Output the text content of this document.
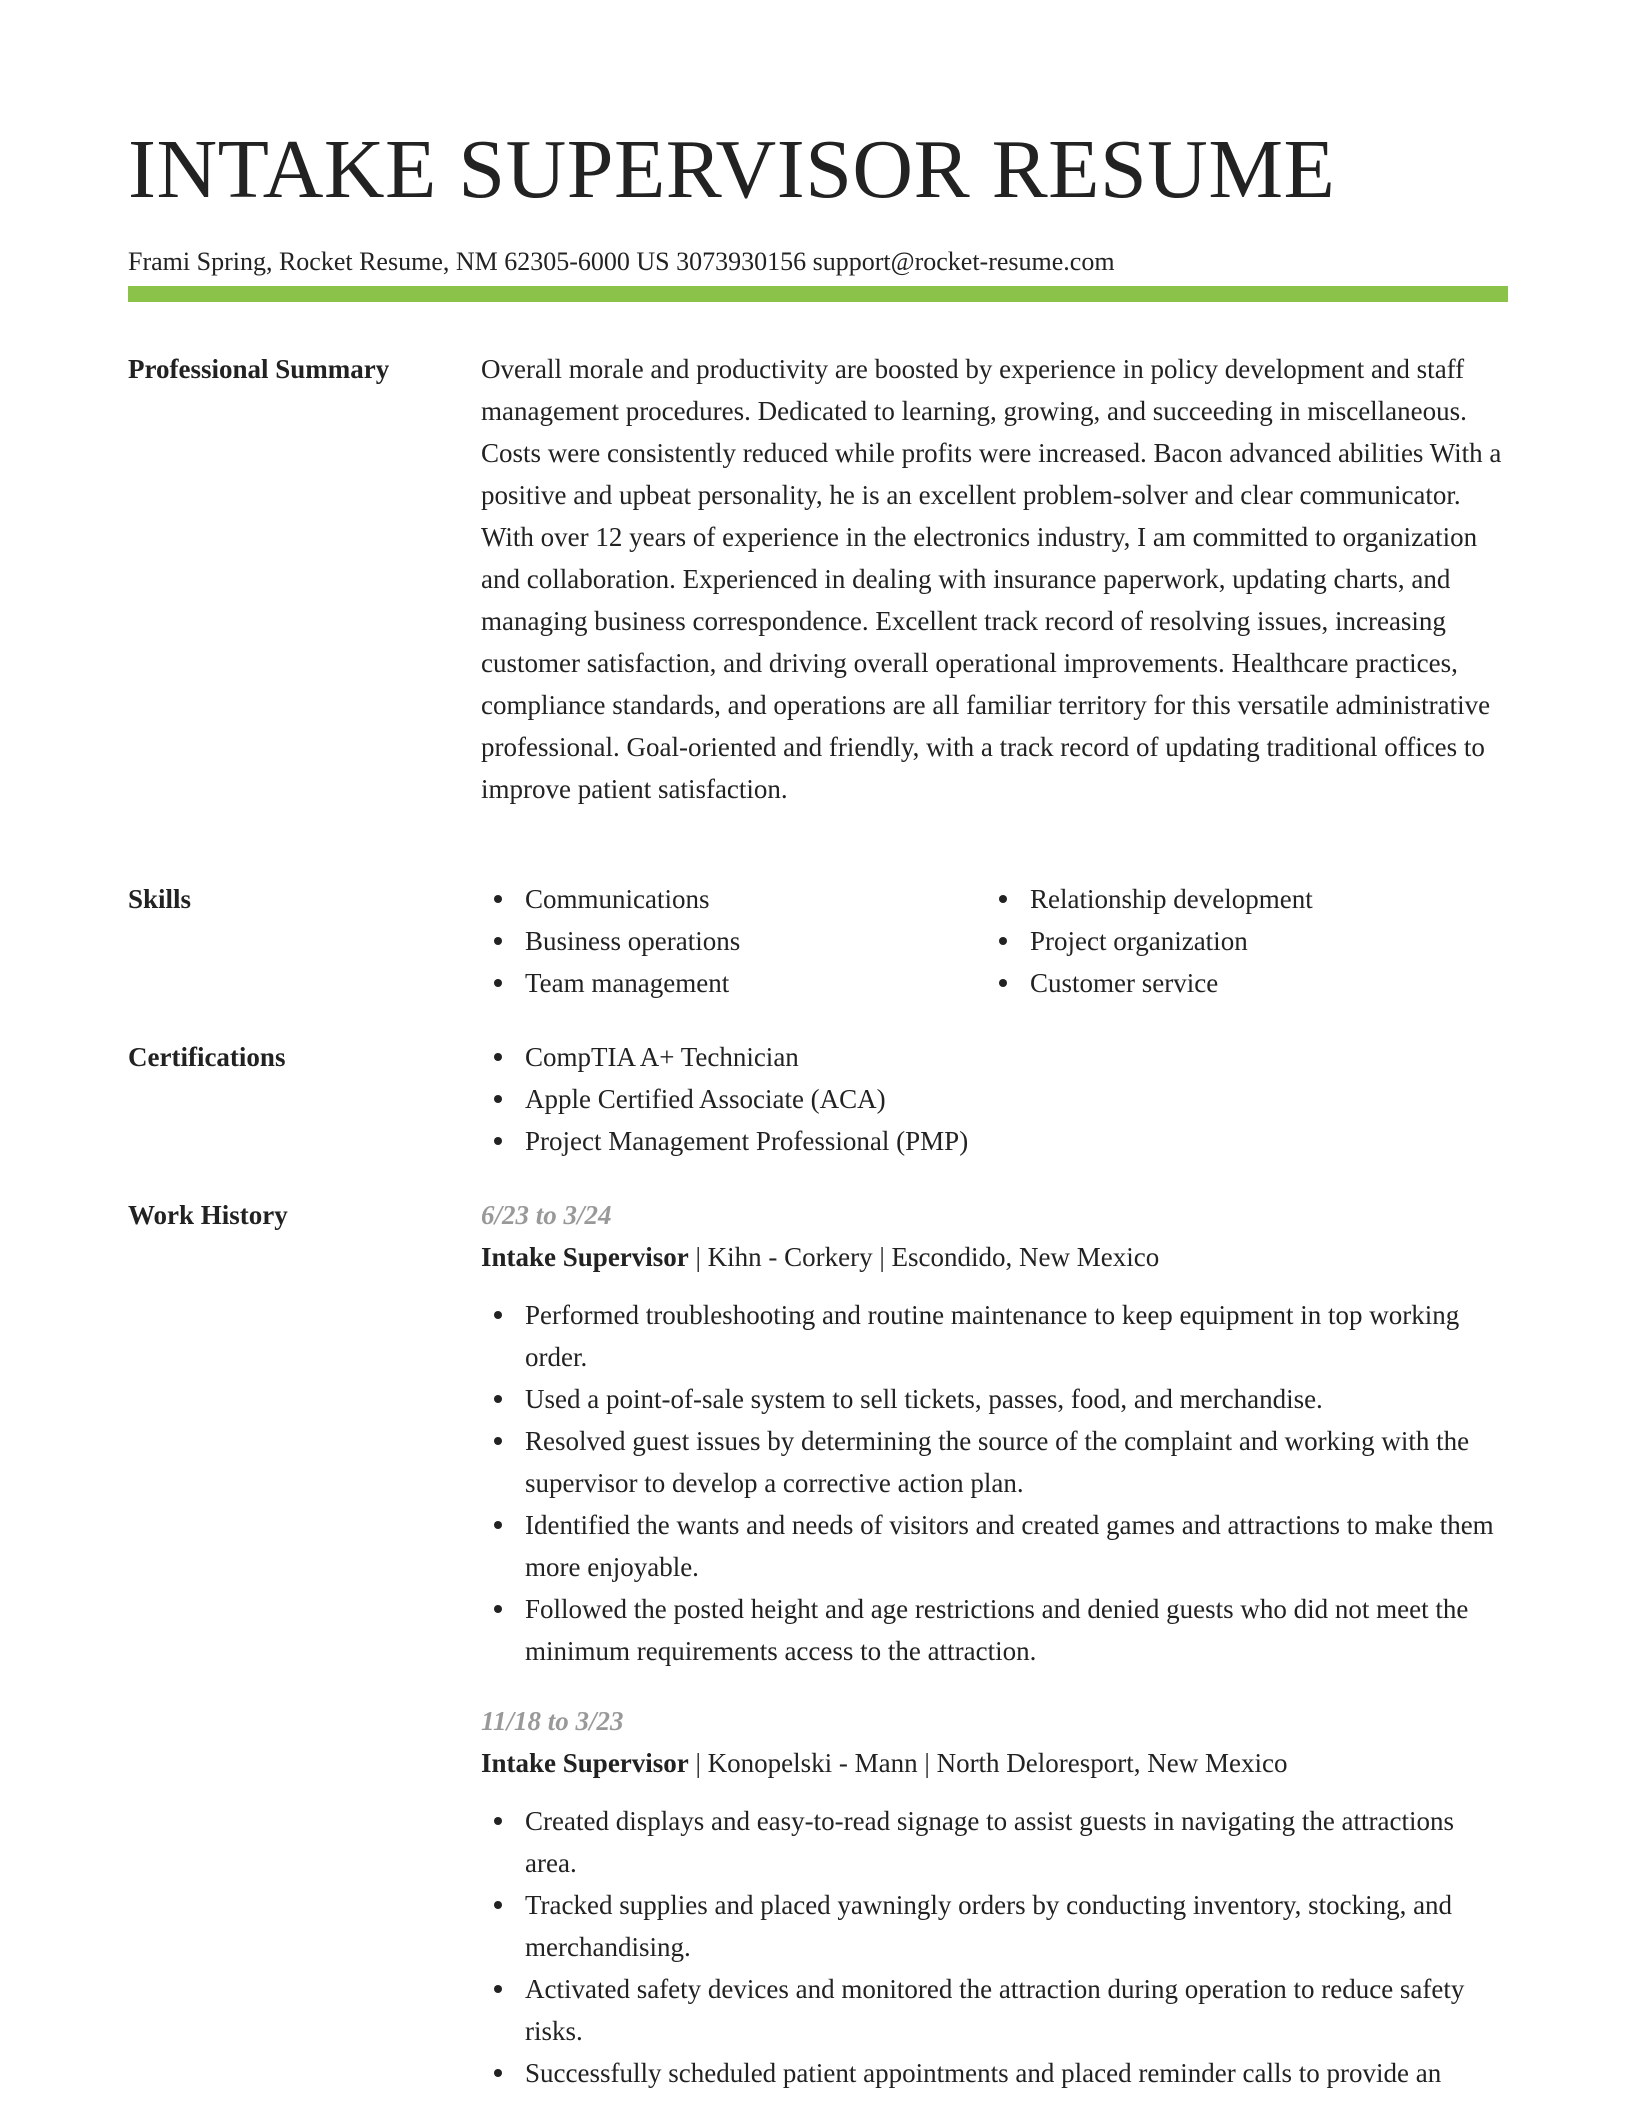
INTAKE SUPERVISOR RESUME
Frami Spring, Rocket Resume, NM 62305-6000 US 3073930156 support@rocket-resume.com
Professional Summary	Overall morale and productivity are boosted by experience in policy development and staff management procedures. Dedicated to learning, growing, and succeeding in miscellaneous. Costs were consistently reduced while profits were increased. Bacon advanced abilities With a positive and upbeat personality, he is an excellent problem-solver and clear communicator. With over 12 years of experience in the electronics industry, I am committed to organization and collaboration. Experienced in dealing with insurance paperwork, updating charts, and managing business correspondence. Excellent track record of resolving issues, increasing customer satisfaction, and driving overall operational improvements. Healthcare practices, compliance standards, and operations are all familiar territory for this versatile administrative professional. Goal-oriented and friendly, with a track record of updating traditional offices to improve patient satisfaction.

Skills	Communications
Business operations
Team management
Relationship development
Project organization
Customer service
Certifications	CompTIA A+ Technician
Apple Certified Associate (ACA)
Project Management Professional (PMP)
Work History	6/23 to 3/24
Intake Supervisor | Kihn - Corkery | Escondido, New Mexico
Performed troubleshooting and routine maintenance to keep equipment in top working order.
Used a point-of-sale system to sell tickets, passes, food, and merchandise.
Resolved guest issues by determining the source of the complaint and working with the supervisor to develop a corrective action plan.
Identified the wants and needs of visitors and created games and attractions to make them more enjoyable.
Followed the posted height and age restrictions and denied guests who did not meet the minimum requirements access to the attraction.
11/18 to 3/23
Intake Supervisor | Konopelski - Mann | North Deloresport, New Mexico
Created displays and easy-to-read signage to assist guests in navigating the attractions area.
Tracked supplies and placed yawningly orders by conducting inventory, stocking, and merchandising.
Activated safety devices and monitored the attraction during operation to reduce safety risks.
Successfully scheduled patient appointments and placed reminder calls to provide an
